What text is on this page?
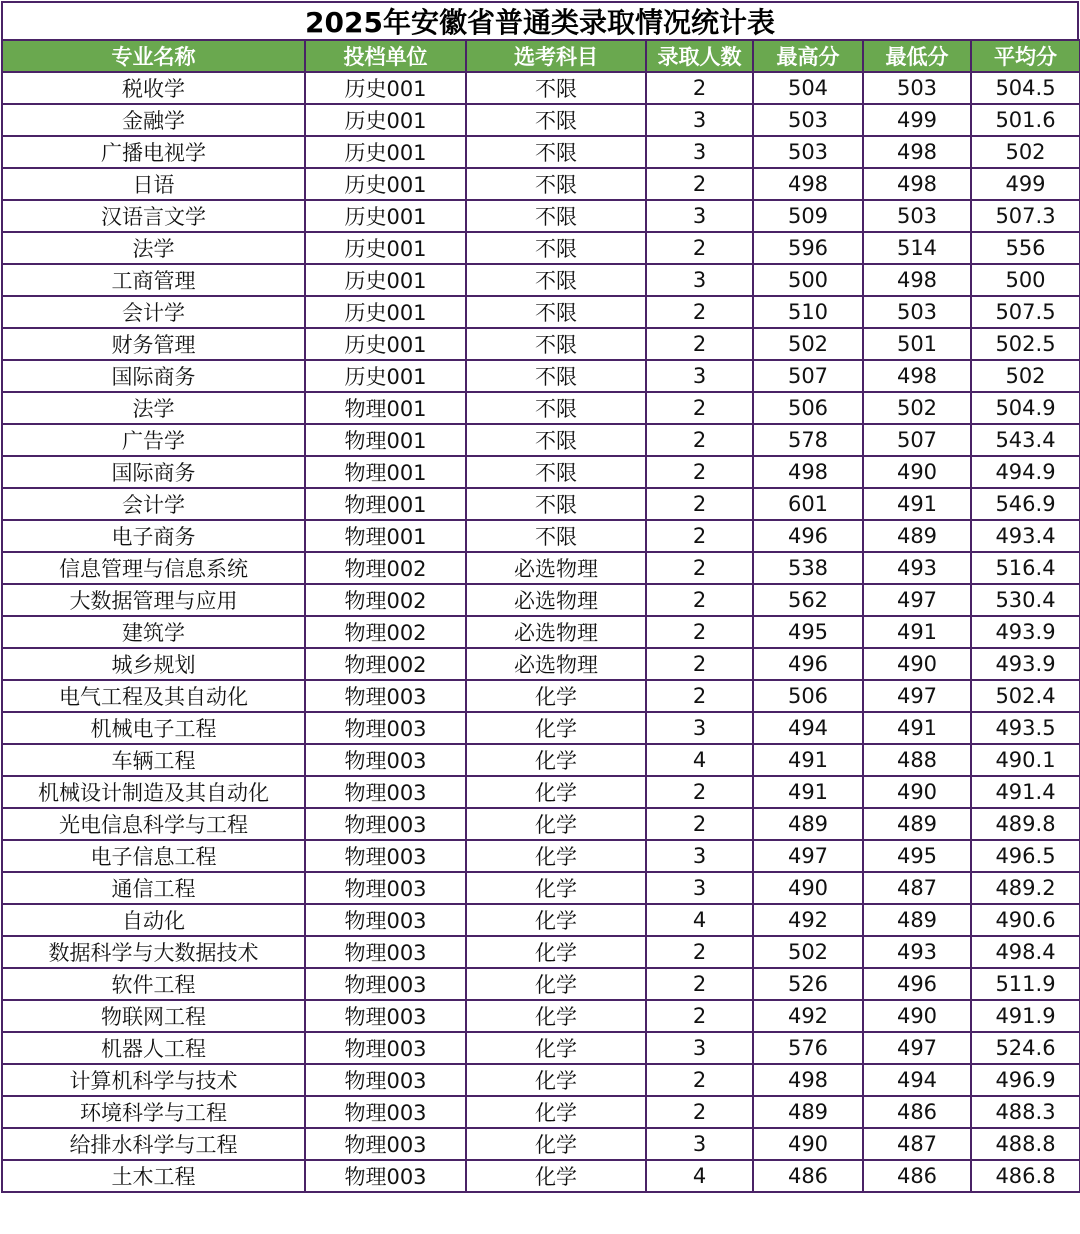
2025年安徽省普通类录取情况统计表
专业名称	投档单位	选考科目	录取人数	最高分	最低分	平均分
税收学	历史001	不限	2	504	503	504.5
金融学	历史001	不限	3	503	499	501.6
广播电视学	历史001	不限	3	503	498	502
日语	历史001	不限	2	498	498	499
汉语言文学	历史001	不限	3	509	503	507.3
法学	历史001	不限	2	596	514	556
工商管理	历史001	不限	3	500	498	500
会计学	历史001	不限	2	510	503	507.5
财务管理	历史001	不限	2	502	501	502.5
国际商务	历史001	不限	3	507	498	502
法学	物理001	不限	2	506	502	504.9
广告学	物理001	不限	2	578	507	543.4
国际商务	物理001	不限	2	498	490	494.9
会计学	物理001	不限	2	601	491	546.9
电子商务	物理001	不限	2	496	489	493.4
信息管理与信息系统	物理002	必选物理	2	538	493	516.4
大数据管理与应用	物理002	必选物理	2	562	497	530.4
建筑学	物理002	必选物理	2	495	491	493.9
城乡规划	物理002	必选物理	2	496	490	493.9
电气工程及其自动化	物理003	化学	2	506	497	502.4
机械电子工程	物理003	化学	3	494	491	493.5
车辆工程	物理003	化学	4	491	488	490.1
机械设计制造及其自动化	物理003	化学	2	491	490	491.4
光电信息科学与工程	物理003	化学	2	489	489	489.8
电子信息工程	物理003	化学	3	497	495	496.5
通信工程	物理003	化学	3	490	487	489.2
自动化	物理003	化学	4	492	489	490.6
数据科学与大数据技术	物理003	化学	2	502	493	498.4
软件工程	物理003	化学	2	526	496	511.9
物联网工程	物理003	化学	2	492	490	491.9
机器人工程	物理003	化学	3	576	497	524.6
计算机科学与技术	物理003	化学	2	498	494	496.9
环境科学与工程	物理003	化学	2	489	486	488.3
给排水科学与工程	物理003	化学	3	490	487	488.8
土木工程	物理003	化学	4	486	486	486.8
